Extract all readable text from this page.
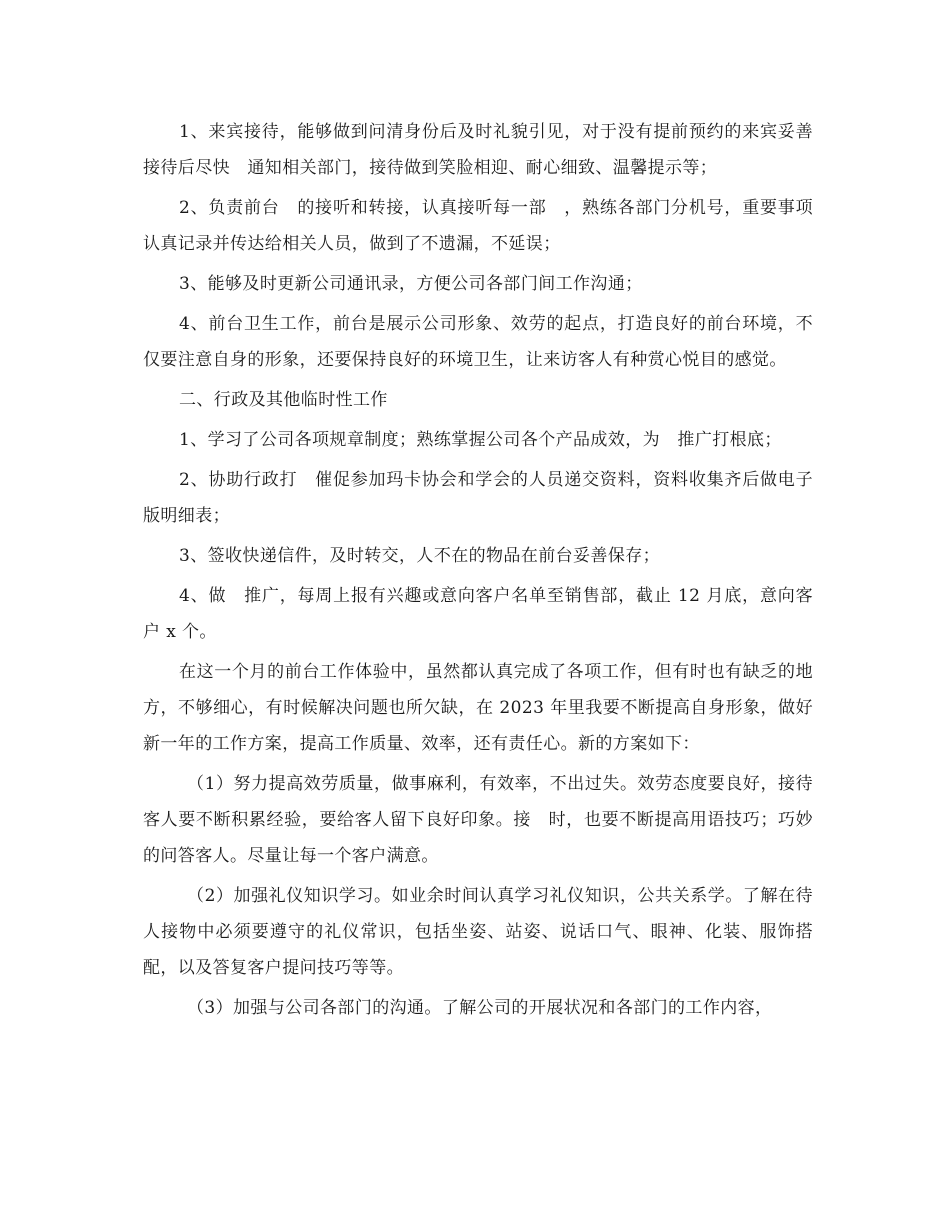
1、来宾接待，能够做到问清身份后及时礼貌引见，对于没有提前预约的来宾妥善接待后尽快　通知相关部门，接待做到笑脸相迎、耐心细致、温馨提示等；

2、负责前台　的接听和转接，认真接听每一部　，熟练各部门分机号，重要事项认真记录并传达给相关人员，做到了不遗漏，不延误；

3、能够及时更新公司通讯录，方便公司各部门间工作沟通；

4、前台卫生工作，前台是展示公司形象、效劳的起点，打造良好的前台环境，不仅要注意自身的形象，还要保持良好的环境卫生，让来访客人有种赏心悦目的感觉。

二、行政及其他临时性工作

1、学习了公司各项规章制度；熟练掌握公司各个产品成效，为　推广打根底；

2、协助行政打　催促参加玛卡协会和学会的人员递交资料，资料收集齐后做电子版明细表；

3、签收快递信件，及时转交，人不在的物品在前台妥善保存；

4、做　推广，每周上报有兴趣或意向客户名单至销售部，截止 12 月底，意向客户 x 个。

在这一个月的前台工作体验中，虽然都认真完成了各项工作，但有时也有缺乏的地方，不够细心，有时候解决问题也所欠缺，在 2023 年里我要不断提高自身形象，做好新一年的工作方案，提高工作质量、效率，还有责任心。新的方案如下：

（1）努力提高效劳质量，做事麻利，有效率，不出过失。效劳态度要良好，接待客人要不断积累经验，要给客人留下良好印象。接　时，也要不断提高用语技巧；巧妙的问答客人。尽量让每一个客户满意。

（2）加强礼仪知识学习。如业余时间认真学习礼仪知识，公共关系学。了解在待人接物中必须要遵守的礼仪常识，包括坐姿、站姿、说话口气、眼神、化装、服饰搭配，以及答复客户提问技巧等等。

（3）加强与公司各部门的沟通。了解公司的开展状况和各部门的工作内容，
